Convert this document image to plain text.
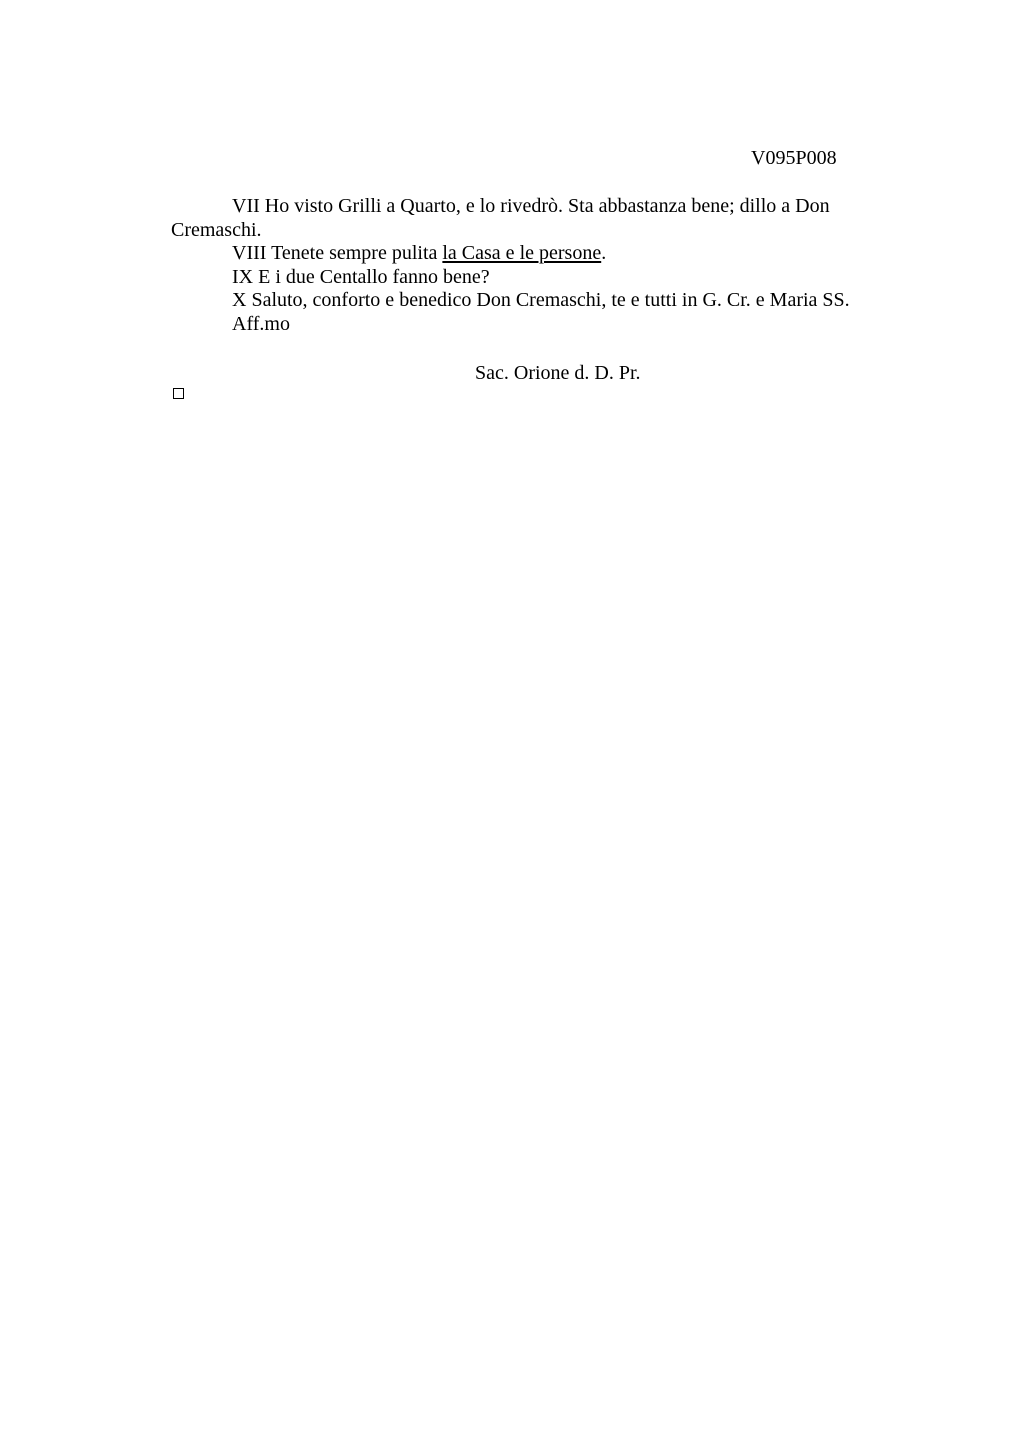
V095P008

VII Ho visto Grilli a Quarto, e lo rivedrò. Sta abbastanza bene; dillo a Don Cremaschi.

VIII Tenete sempre pulita la Casa e le persone.

IX E i due Centallo fanno bene?

X Saluto, conforto e benedico Don Cremaschi, te e tutti in G. Cr. e Maria SS.

Aff.mo

Sac. Orione d. D. Pr.
